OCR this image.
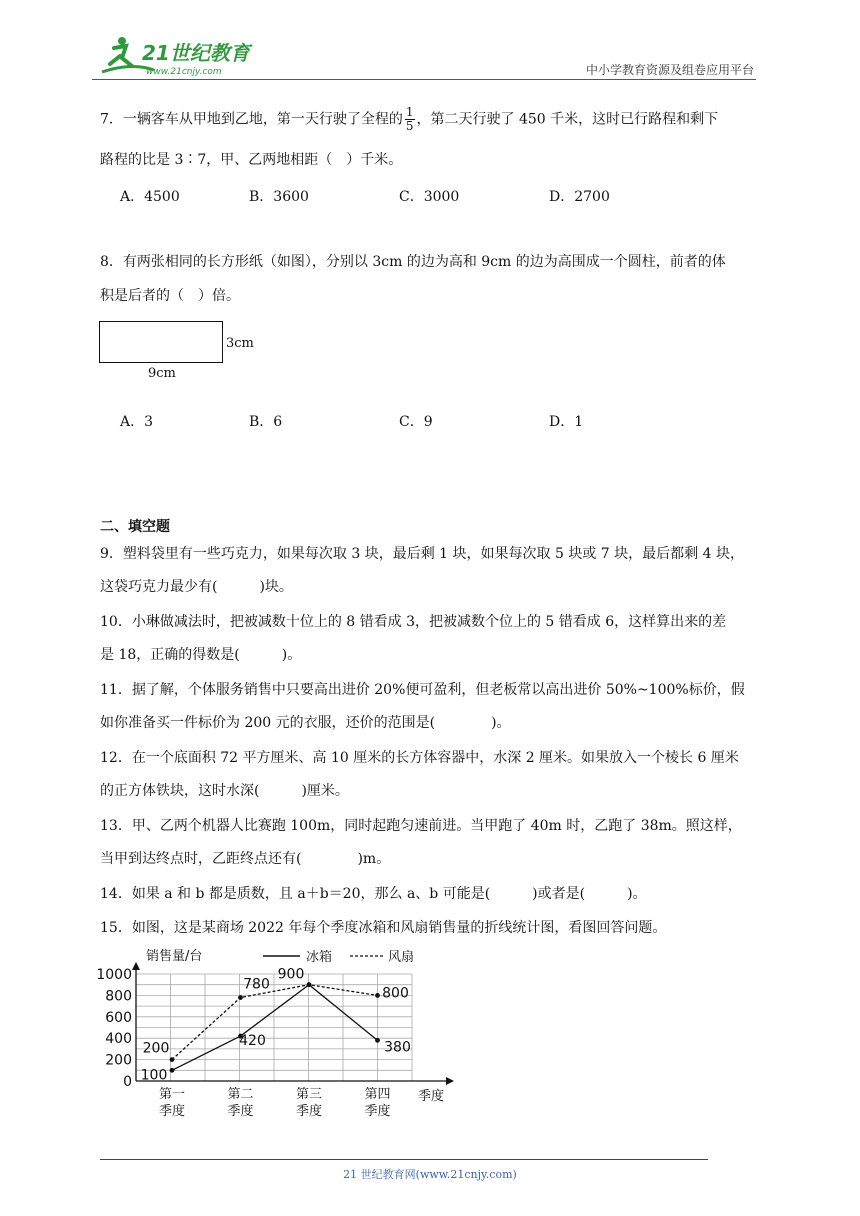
21世纪教育
www.21cnjy.com	中小学教育资源及组卷应用平台
7．一辆客车从甲地到乙地，第一天行驶了全程的 $\frac{1}{5}$ ，第二天行驶了 450 千米，这时已行路程和剩下
路程的比是 3∶7，甲、乙两地相距（　）千米。
A．4500	B．3600	C．3000	D．2700
8．有两张相同的长方形纸（如图），分别以 3cm 的边为高和 9cm 的边为高围成一个圆柱，前者的体
积是后者的（　）倍。
3cm
9cm
A．3	B．6	C．9	D．1
二、填空题
9．塑料袋里有一些巧克力，如果每次取 3 块，最后剩 1 块，如果每次取 5 块或 7 块，最后都剩 4 块，
这袋巧克力最少有(　　　)块。
10．小琳做减法时，把被减数十位上的 8 错看成 3，把被减数个位上的 5 错看成 6，这样算出来的差
是 18，正确的得数是(　　　)。
11．据了解，个体服务销售中只要高出进价 20%便可盈利，但老板常以高出进价 50%~100%标价，假
如你准备买一件标价为 200 元的衣服，还价的范围是(　　　　)。
12．在一个底面积 72 平方厘米、高 10 厘米的长方体容器中，水深 2 厘米。如果放入一个棱长 6 厘米
的正方体铁块，这时水深(　　　)厘米。
13．甲、乙两个机器人比赛跑 100m，同时起跑匀速前进。当甲跑了 40m 时，乙跑了 38m。照这样，
当甲到达终点时，乙距终点还有(　　　　)m。
14．如果 a 和 b 都是质数，且 a＋b＝20，那么 a、b 可能是(　　　)或者是(　　　)。
15．如图，这是某商场 2022 年每个季度冰箱和风扇销售量的折线统计图，看图回答问题。
销售量/台	冰箱	风扇
0
200
400
600
800
1000
第一
季度
第二
季度
第三
季度
第四
季度
100
420
900
380
200
780
800
季度
21 世纪教育网(www.21cnjy.com)
